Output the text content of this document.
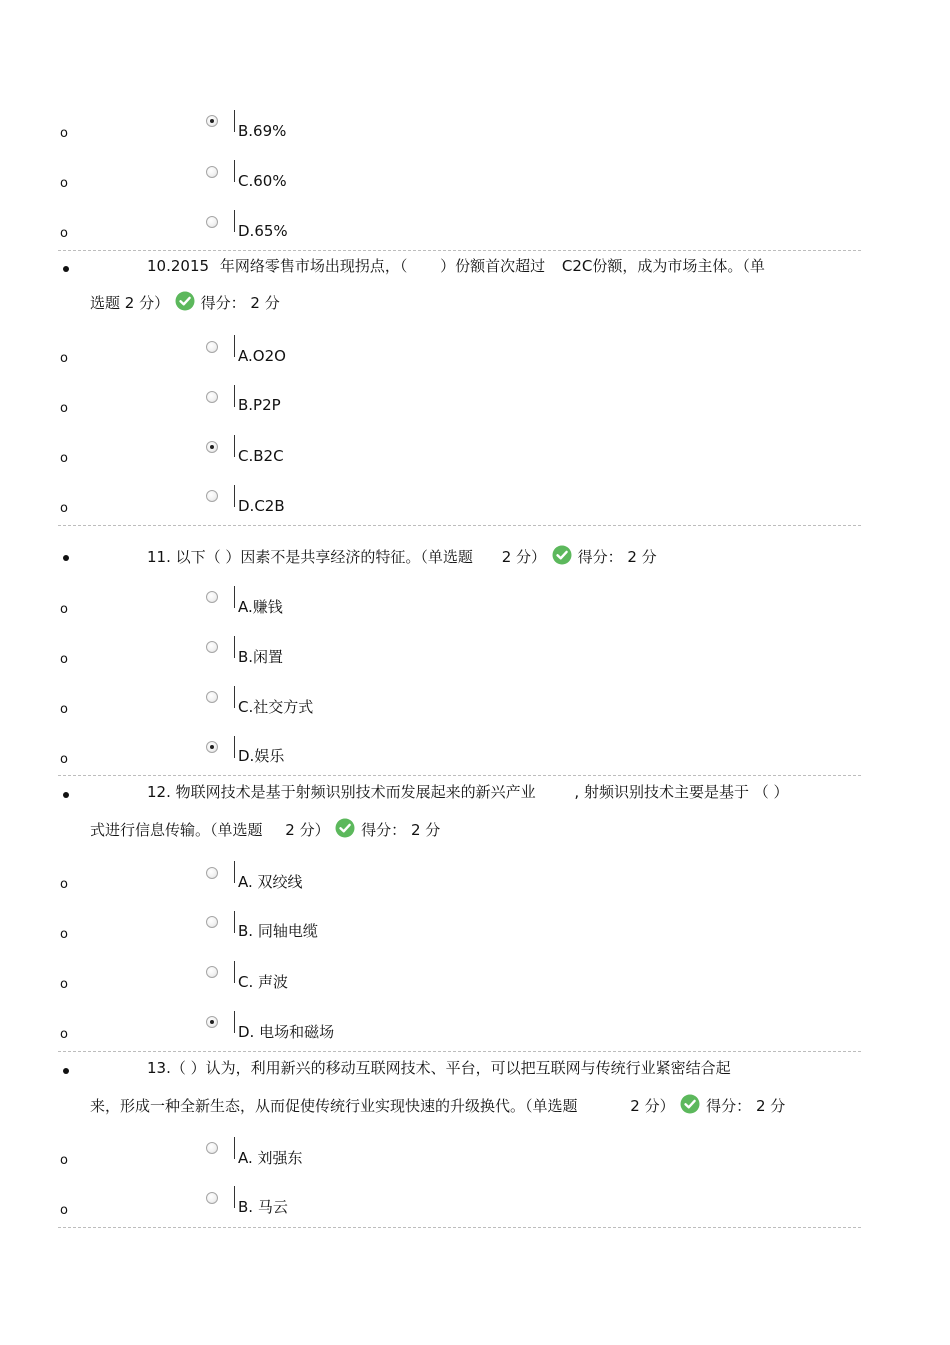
o	B.69%
o	C.60%
o	D.65%
10.2015 年网络零售市场出现拐点，（ ）份额首次超过 C2C份额，成为市场主体。（单
选题 2 分） 得分： 2 分
o	A.O2O
o	B.P2P
o	C.B2C
o	D.C2B
11. 以下（ ）因素不是共享经济的特征。（单选题 2 分） 得分： 2 分
o	A.赚钱
o	B.闲置
o	C.社交方式
o	D.娱乐
12. 物联网技术是基于射频识别技术而发展起来的新兴产业	, 射频识别技术主要是基于 （ ）
式进行信息传输。（单选题 2 分） 得分： 2 分
o	A. 双绞线
o	B. 同轴电缆
o	C. 声波
o	D. 电场和磁场
13.（ ）认为，利用新兴的移动互联网技术、平台，可以把互联网与传统行业紧密结合起
来，形成一种全新生态，从而促使传统行业实现快速的升级换代。（单选题	2 分） 得分： 2 分
o	A. 刘强东
o	B. 马云
